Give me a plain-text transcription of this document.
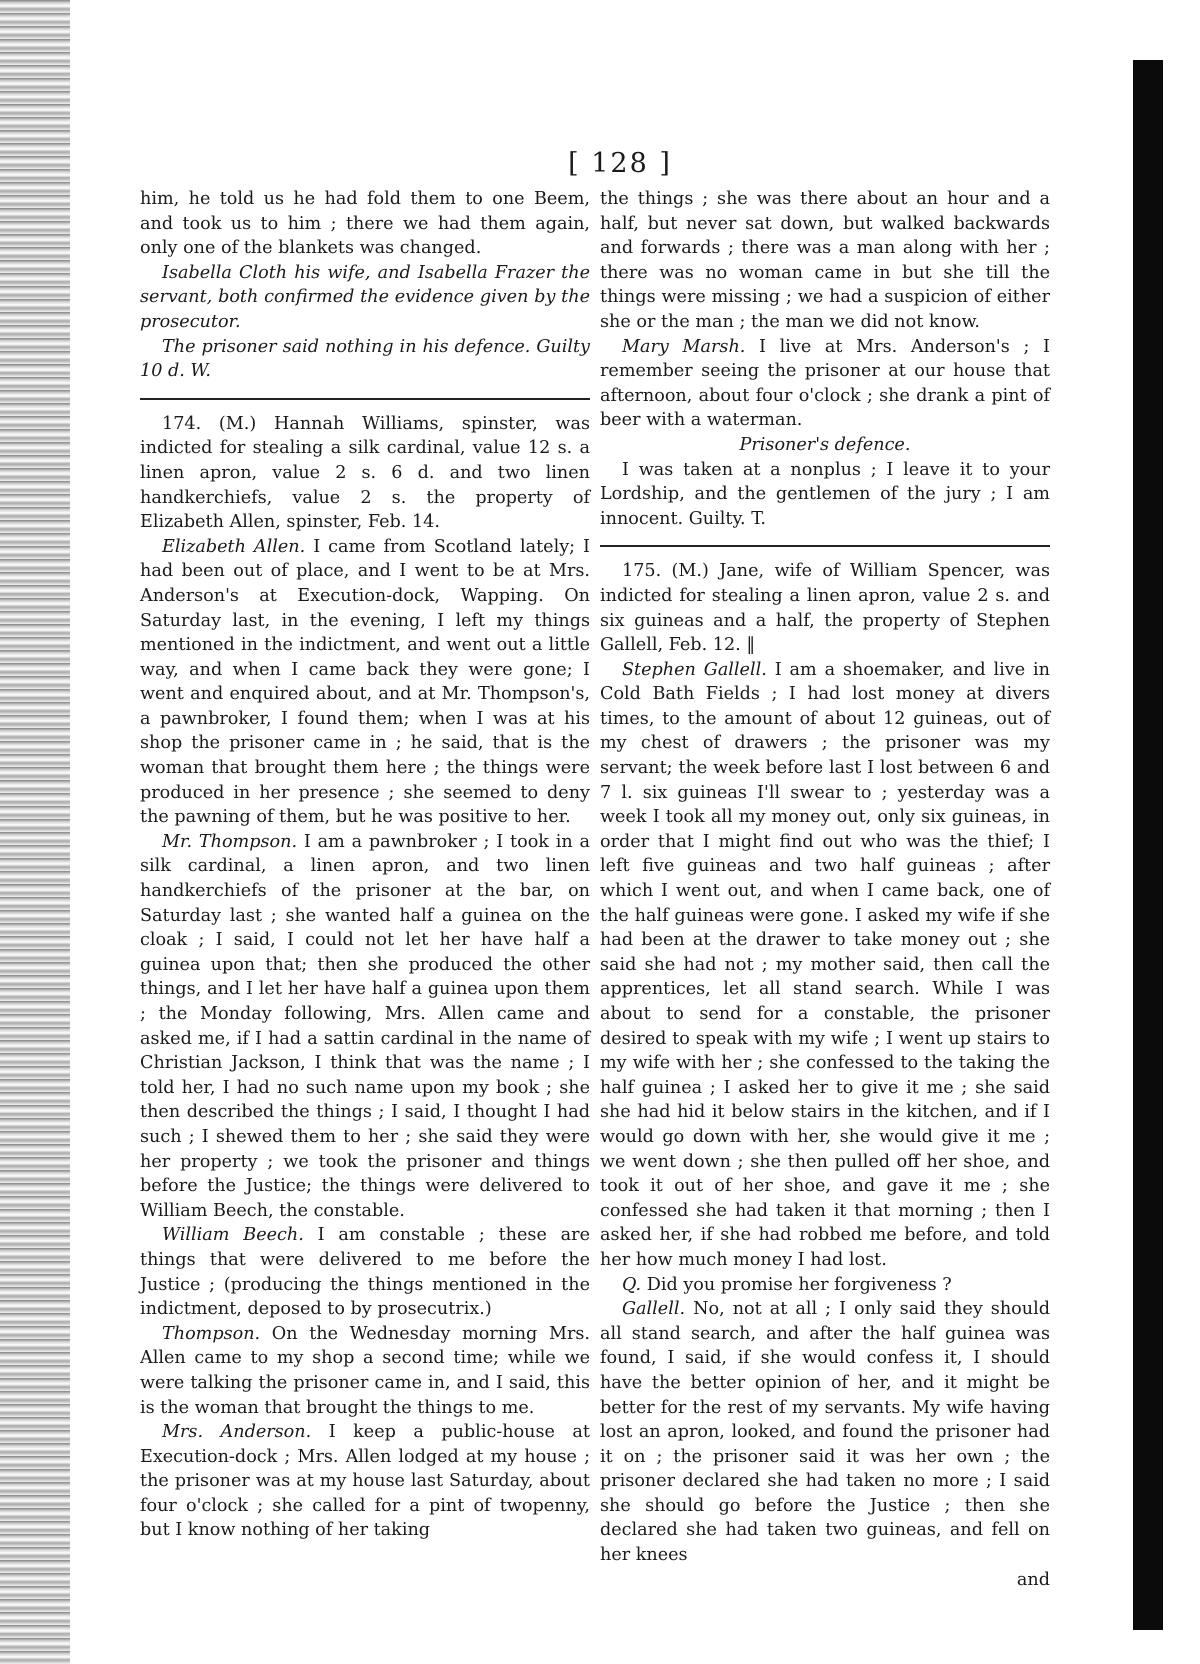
[ 128 ]

him, he told us he had fold them to one Beem, and took us to him ; there we had them again, only one of the blankets was changed.

Isabella Cloth his wife, and Isabella Frazer the servant, both confirmed the evidence given by the prosecutor.

The prisoner said nothing in his defence. Guilty 10 d. W.

174. (M.) Hannah Williams, spinster, was indicted for stealing a silk cardinal, value 12 s. a linen apron, value 2 s. 6 d. and two linen handkerchiefs, value 2 s. the property of Elizabeth Allen, spinster, Feb. 14.

Elizabeth Allen. I came from Scotland lately; I had been out of place, and I went to be at Mrs. Anderson's at Execution-dock, Wapping. On Saturday last, in the evening, I left my things mentioned in the indictment, and went out a little way, and when I came back they were gone; I went and enquired about, and at Mr. Thompson's, a pawnbroker, I found them; when I was at his shop the prisoner came in ; he said, that is the woman that brought them here ; the things were produced in her presence ; she seemed to deny the pawning of them, but he was positive to her.

Mr. Thompson. I am a pawnbroker ; I took in a silk cardinal, a linen apron, and two linen handkerchiefs of the prisoner at the bar, on Saturday last ; she wanted half a guinea on the cloak ; I said, I could not let her have half a guinea upon that; then she produced the other things, and I let her have half a guinea upon them ; the Monday following, Mrs. Allen came and asked me, if I had a sattin cardinal in the name of Christian Jackson, I think that was the name ; I told her, I had no such name upon my book ; she then described the things ; I said, I thought I had such ; I shewed them to her ; she said they were her property ; we took the prisoner and things before the Justice; the things were delivered to William Beech, the constable.

William Beech. I am constable ; these are things that were delivered to me before the Justice ; (producing the things mentioned in the indictment, deposed to by prosecutrix.)

Thompson. On the Wednesday morning Mrs. Allen came to my shop a second time; while we were talking the prisoner came in, and I said, this is the woman that brought the things to me.

Mrs. Anderson. I keep a public-house at Execution-dock ; Mrs. Allen lodged at my house ; the prisoner was at my house last Saturday, about four o'clock ; she called for a pint of twopenny, but I know nothing of her taking

the things ; she was there about an hour and a half, but never sat down, but walked backwards and forwards ; there was a man along with her ; there was no woman came in but she till the things were missing ; we had a suspicion of either she or the man ; the man we did not know.

Mary Marsh. I live at Mrs. Anderson's ; I remember seeing the prisoner at our house that afternoon, about four o'clock ; she drank a pint of beer with a waterman.

Prisoner's defence.

I was taken at a nonplus ; I leave it to your Lordship, and the gentlemen of the jury ; I am innocent. Guilty. T.

175. (M.) Jane, wife of William Spencer, was indicted for stealing a linen apron, value 2 s. and six guineas and a half, the property of Stephen Gallell, Feb. 12. ‖

Stephen Gallell. I am a shoemaker, and live in Cold Bath Fields ; I had lost money at divers times, to the amount of about 12 guineas, out of my chest of drawers ; the prisoner was my servant; the week before last I lost between 6 and 7 l. six guineas I'll swear to ; yesterday was a week I took all my money out, only six guineas, in order that I might find out who was the thief; I left five guineas and two half guineas ; after which I went out, and when I came back, one of the half guineas were gone. I asked my wife if she had been at the drawer to take money out ; she said she had not ; my mother said, then call the apprentices, let all stand search. While I was about to send for a constable, the prisoner desired to speak with my wife ; I went up stairs to my wife with her ; she confessed to the taking the half guinea ; I asked her to give it me ; she said she had hid it below stairs in the kitchen, and if I would go down with her, she would give it me ; we went down ; she then pulled off her shoe, and took it out of her shoe, and gave it me ; she confessed she had taken it that morning ; then I asked her, if she had robbed me before, and told her how much money I had lost.

Q. Did you promise her forgiveness ?

Gallell. No, not at all ; I only said they should all stand search, and after the half guinea was found, I said, if she would confess it, I should have the better opinion of her, and it might be better for the rest of my servants. My wife having lost an apron, looked, and found the prisoner had it on ; the prisoner said it was her own ; the prisoner declared she had taken no more ; I said she should go before the Justice ; then she declared she had taken two guineas, and fell on her knees

and
